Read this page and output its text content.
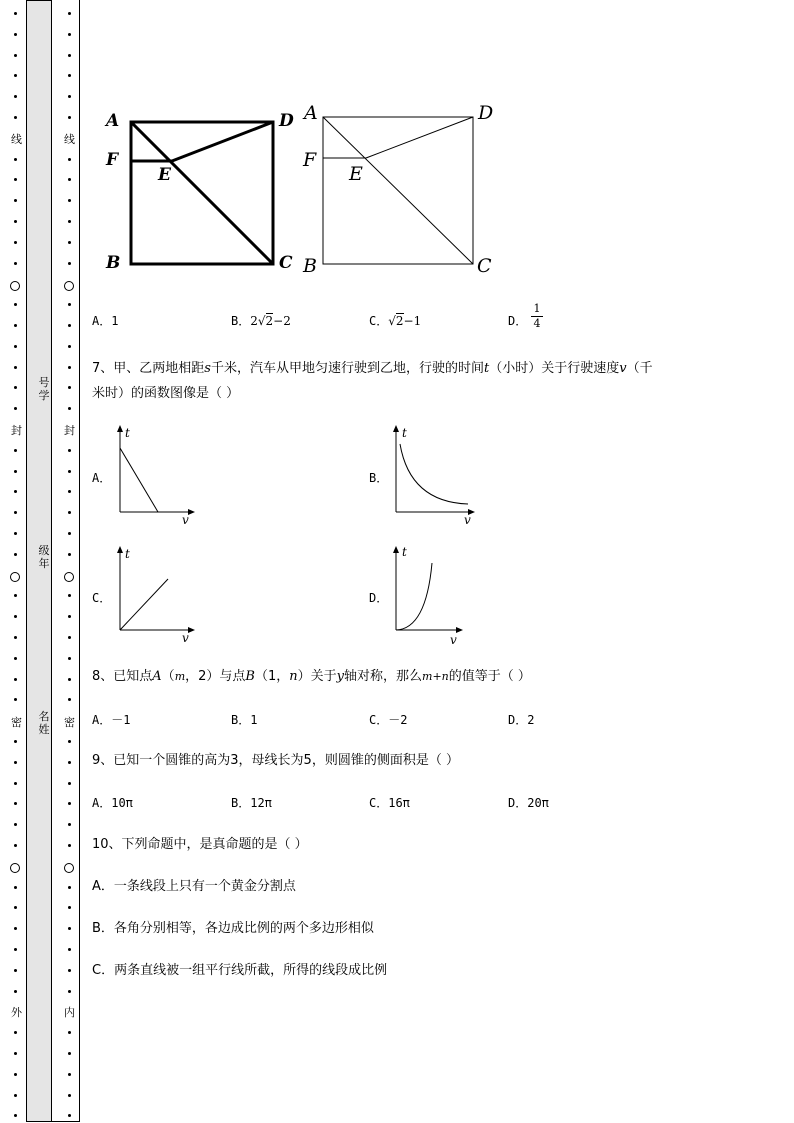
线
封
密
外
号学
级年
名姓
线
封
密
内
A	D
F
E
B	C
A	D
F
E
B	C
A．1	B．2√2−2	C．√2−1	D． $\frac{1}{4}$
7、甲、乙两地相距s千米，汽车从甲地匀速行驶到乙地，行驶的时间t（小时）关于行驶速度v（千
米时）的函数图像是（ ）
A．
t
v
B．
t
v
C．
t
v
D．
t
v
8、已知点A（m，2）与点B（1，n）关于y轴对称，那么m+n的值等于（ ）
A．－1	B．1	C．－2	D．2
9、已知一个圆锥的高为3，母线长为5，则圆锥的侧面积是（ ）
A．10π	B．12π	C．16π	D．20π
10、下列命题中，是真命题的是（ ）
A．一条线段上只有一个黄金分割点
B．各角分别相等，各边成比例的两个多边形相似
C．两条直线被一组平行线所截，所得的线段成比例
